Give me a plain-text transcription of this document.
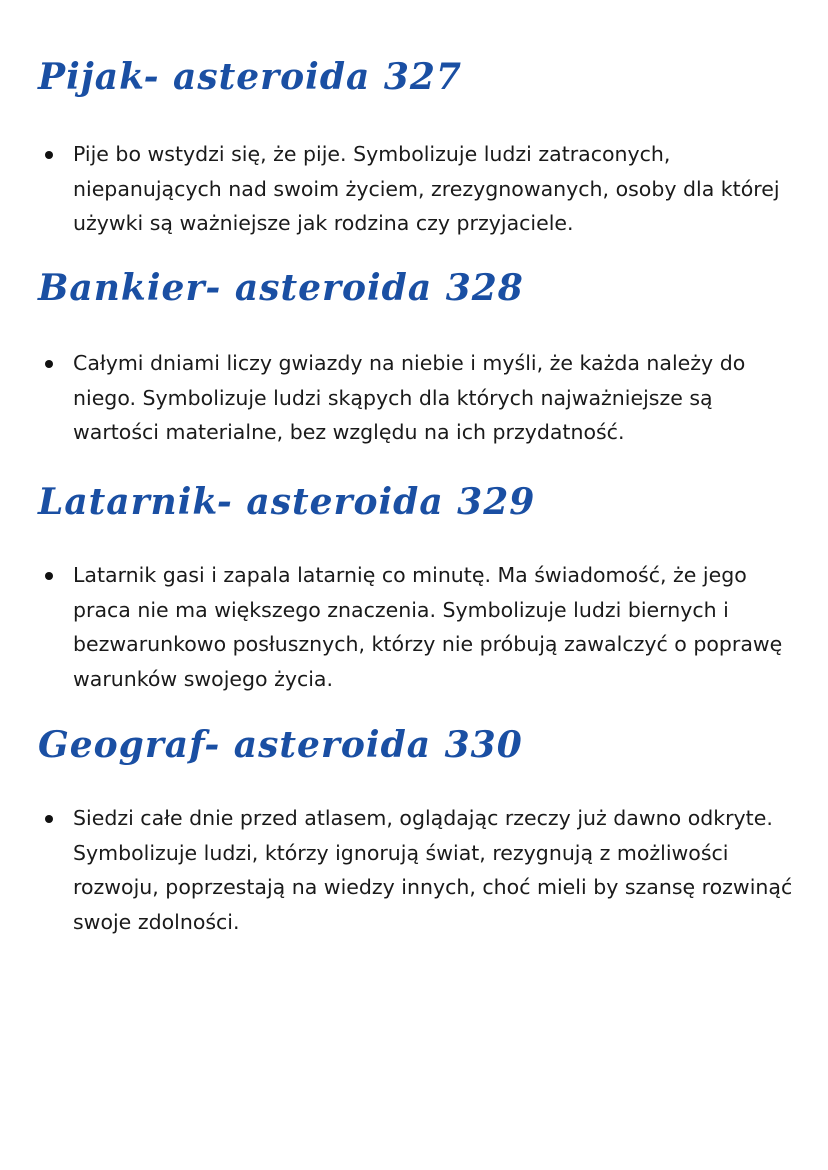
Pijak- asteroida 327

Pije bo wstydzi się, że pije. Symbolizuje ludzi zatraconych, niepanujących nad swoim życiem, zrezygnowanych, osoby dla której używki są ważniejsze jak rodzina czy przyjaciele.

Bankier- asteroida 328

Całymi dniami liczy gwiazdy na niebie i myśli, że każda należy do niego. Symbolizuje ludzi skąpych dla których najważniejsze są wartości materialne, bez względu na ich przydatność.

Latarnik- asteroida 329

Latarnik gasi i zapala latarnię co minutę. Ma świadomość, że jego praca nie ma większego znaczenia. Symbolizuje ludzi biernych i bezwarunkowo posłusznych, którzy nie próbują zawalczyć o poprawę warunków swojego życia.

Geograf- asteroida 330

Siedzi całe dnie przed atlasem, oglądając rzeczy już dawno odkryte. Symbolizuje ludzi, którzy ignorują świat, rezygnują z możliwości rozwoju, poprzestają na wiedzy innych, choć mieli by szansę rozwinąć swoje zdolności.
